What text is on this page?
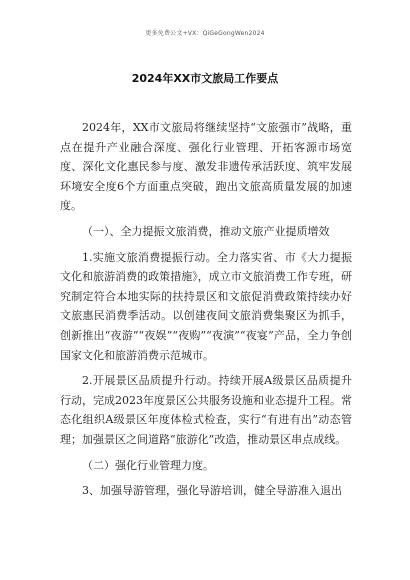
更多免费公文+VX：QiGeGongWen2024
2024年XX市文旅局工作要点

2024年，XX市文旅局将继续坚持“文旅强市”战略，重点在提升产业融合深度、强化行业管理、开拓客源市场宽度、深化文化惠民参与度、激发非遗传承活跃度、筑牢发展环境安全度6个方面重点突破，跑出文旅高质量发展的加速度。

（一）、全力提振文旅消费，推动文旅产业提质增效

1.实施文旅消费提振行动。全力落实省、市《大力提振文化和旅游消费的政策措施》，成立市文旅消费工作专班，研究制定符合本地实际的扶持景区和文旅促消费政策持续办好文旅惠民消费季活动。以创建夜间文旅消费集聚区为抓手，创新推出“夜游”“夜娱”“夜购”“夜演”“夜宴”产品，全力争创国家文化和旅游消费示范城市。

2.开展景区品质提升行动。持续开展A级景区品质提升行动，完成2023年度景区公共服务设施和业态提升工程。常态化组织A级景区年度体检式检查，实行“有进有出”动态管理；加强景区之间道路“旅游化”改造，推动景区串点成线。

（二）强化行业管理力度。

3、加强导游管理，强化导游培训，健全导游准入退出
